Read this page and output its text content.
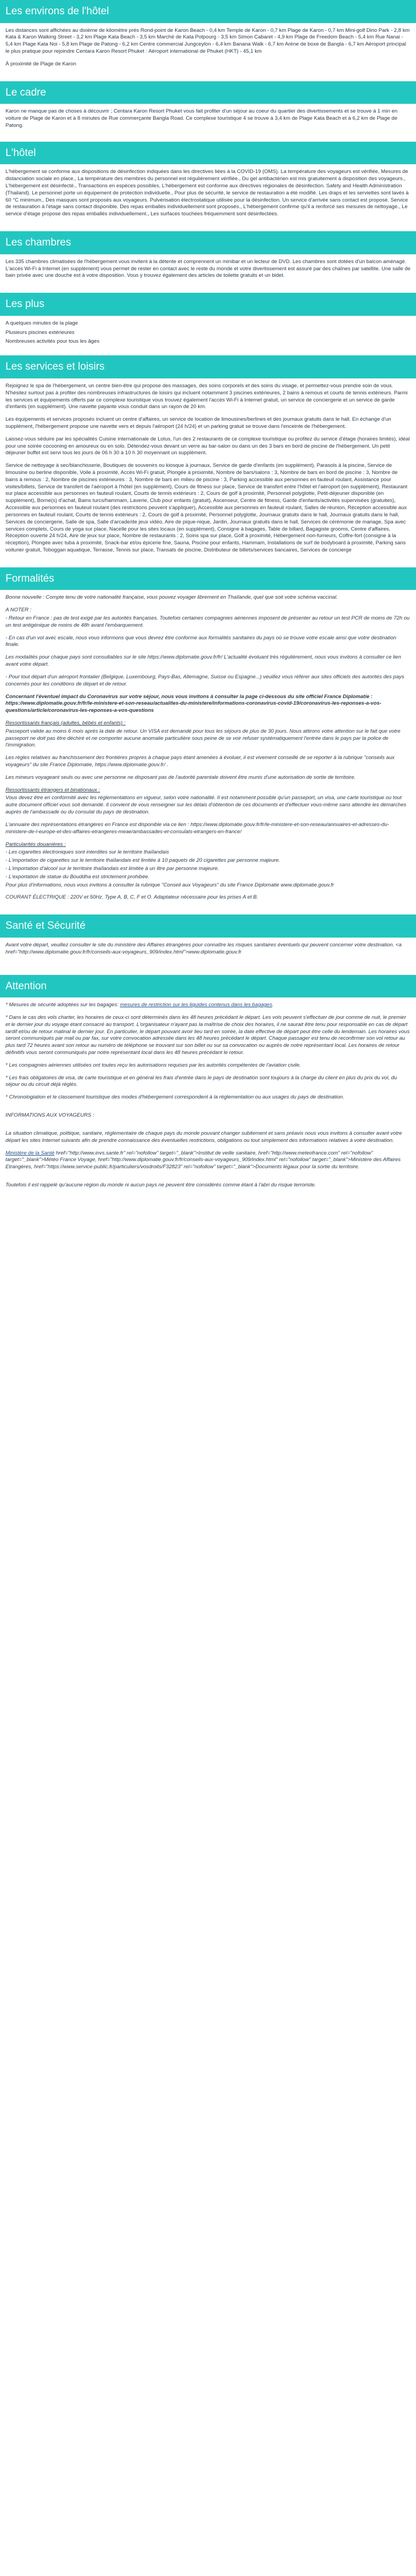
Les environs de l'hôtel

Les distances sont affichées au dixième de kilomètre près Rond-point de Karon Beach - 0,4 km Temple de Karon - 0,7 km Plage de Karon - 0,7 km Mini-golf Dino Park - 2,8 km Kata & Karon Walking Street - 3,2 km Plage Kata Beach - 3,5 km Marché de Kata Potpourg - 3,5 km Simon Cabaret - 4,9 km Plage de Freedom Beach - 5,4 km Rue Nanai - 5,4 km Plage Kata Noi - 5,8 km Plage de Patong - 6,2 km Centre commercial Jungceylon - 6,4 km Banana Walk - 6,7 km Arène de boxe de Bangla - 6,7 km Aéroport principal le plus pratique pour rejoindre Centara Karon Resort Phuket : Aéroport international de Phuket (HKT) - 45,1 km

À proximité de Plage de Karon

Le cadre

Karon ne manque pas de choses à découvrir ; Centara Karon Resort Phuket vous fait profiter d'un séjour au coeur du quartier des divertissements et se trouve à 1 min en voiture de Plage de Karon et à 8 minutes de Rue commerçante Bangla Road. Ce complexe touristique 4 se trouve à 3,4 km de Plage Kata Beach et à 6,2 km de Plage de Patong.

L'hôtel

L'hébergement se conforme aux dispositions de désinfection indiquées dans les directives liées à la COVID-19 (OMS). La température des voyageurs est vérifiée, Mesures de distanciation sociale en place., La température des membres du personnel est régulièrement vérifiée., Du gel antibactérien est mis gratuitement à disposition des voyageurs., L'hébergement est désinfecté., Transactions en espèces possibles, L'hébergement est conforme aux directives régionales de désinfection. Safety and Health Administration (Thailand). Le personnel porte un équipement de protection individuelle., Pour plus de sécurité, le service de restauration a été modifié. Les draps et les serviettes sont lavés à 60 °C minimum., Des masques sont proposés aux voyageurs. Pulvérisation électrostatique utilisée pour la désinfection. Un service d'arrivée sans contact est proposé. Service de restauration à l'étage sans contact disponible. Des repas emballés individuellement sont proposés., L'hébergement confirme qu'il a renforcé ses mesures de nettoyage., Le service d'étage propose des repas emballés individuellement., Les surfaces touchées fréquemment sont désinfectées.

Les chambres

Les 335 chambres climatisées de l'hébergement vous invitent à la détente et comprennent un minibar et un lecteur de DVD. Les chambres sont dotées d'un balcon aménagé. L'accès Wi-Fi à Internet (en supplément) vous permet de rester en contact avec le reste du monde et votre divertissement est assuré par des chaînes par satellite. Une salle de bain privée avec une douche est à votre disposition. Vous y trouvez également des articles de toilette gratuits et un bidet.

Les plus

A quelques minutes de la plage

Plusieurs piscines extérieures

Nombreuses activités pour tous les âges

Les services et loisirs

Rejoignez le spa de l'hébergement, un centre bien-être qui propose des massages, des soins corporels et des soins du visage, et permettez-vous prendre soin de vous. N'hésitez surtout pas à profiter des nombreuses infrastructures de loisirs qui incluent notamment 3 piscines extérieures, 2 bains à remous et courts de tennis extérieurs. Parmi les services et équipements offerts par ce complexe touristique vous trouvez également l'accès Wi-Fi à Internet gratuit, un service de conciergerie et un service de garde d'enfants (en supplément). Une navette payante vous conduit dans un rayon de 20 km.

Les équipements et services proposés incluent un centre d'affaires, un service de location de limousines/berlines et des journaux gratuits dans le hall. En échange d'un supplément, l'hébergement propose une navette vers et depuis l'aéroport (24 h/24) et un parking gratuit se trouve dans l'enceinte de l'hébergement.

Laissez-vous séduire par les spécialités Cuisine internationale de Lotus, l'un des 2 restaurants de ce complexe touristique ou profitez du service d'étage (horaires limités), idéal pour une soirée cocooning en amoureux ou en solo. Détendez-vous devant un verre au bar-salon ou dans un des 3 bars en bord de piscine de l'hébergement. Un petit déjeuner buffet est servi tous les jours de 06 h 30 à 10 h 30 moyennant un supplément.

Service de nettoyage à sec/blanchisserie, Boutiques de souvenirs ou kiosque à journaux, Service de garde d'enfants (en supplément), Parasols à la piscine, Service de limousine ou berline disponible, Voile à proximité, Accès Wi-Fi gratuit, Plongée à proximité, Nombre de bars/salons : 3, Nombre de bars en bord de piscine : 3, Nombre de bains à remous : 2, Nombre de piscines extérieures : 3, Nombre de bars en milieu de piscine : 3, Parking accessible aux personnes en fauteuil roulant, Assistance pour visites/billets, Service de transfert de l'aéroport à l'hôtel (en supplément), Cours de fitness sur place, Service de transfert entre l'hôtel et l'aéroport (en supplément), Restaurant sur place accessible aux personnes en fauteuil roulant, Courts de tennis extérieurs : 2, Cours de golf à proximité, Personnel polyglotte, Petit-déjeuner disponible (en supplément), Borne(s) d'achat, Bains turcs/hammam, Laverie, Club pour enfants (gratuit), Ascenseur, Centre de fitness, Garde d'enfants/activités supervisées (gratuites), Accessible aux personnes en fauteuil roulant (des restrictions peuvent s'appliquer), Accessible aux personnes en fauteuil roulant, Salles de réunion, Réception accessible aux personnes en fauteuil roulant, Courts de tennis extérieurs : 2, Cours de golf à proximité, Personnel polyglotte, Journaux gratuits dans le hall, Journaux gratuits dans le hall, Services de conciergerie, Salle de spa, Salle d'arcade/de jeux vidéo, Aire de pique-nique, Jardin, Journaux gratuits dans le hall, Services de cérémonie de mariage, Spa avec services complets, Cours de yoga sur place, Nacelle pour les sites locaux (en supplément), Consigne à bagages, Table de billard, Bagagiste grooms, Centre d'affaires, Réception ouverte 24 h/24, Aire de jeux sur place, Nombre de restaurants : 2, Soins spa sur place, Golf à proximité, Hébergement non-fumeurs, Coffre-fort (consigne à la réception), Plongée avec tuba à proximité, Snack-bar et/ou épicerie fine, Sauna, Piscine pour enfants, Hammam, Installations de surf de bodyboard à proximité, Parking sans voiturier gratuit, Toboggan aquatique, Terrasse, Tennis sur place, Transats de piscine, Distributeur de billets/services bancaires, Services de concierge

Formalités

Bonne nouvelle : Compte tenu de votre nationalité française, vous pouvez voyager librement en Thaïlande, quel que soit votre schéma vaccinal.

A NOTER :

- Retour en France : pas de test exigé par les autorités françaises. Toutefois certaines compagnies aériennes imposent de présenter au retour un test PCR de moins de 72h ou un test antigénique de moins de 48h avant l'embarquement.

- En cas d'un vol avec escale, nous vous informons que vous devrez être conforme aux formalités sanitaires du pays où se trouve votre escale ainsi que votre destination finale.

Les modalités pour chaque pays sont consultables sur le site https://www.diplomatie.gouv.fr/fr/ L'actualité évoluant très régulièrement, nous vous invitons à consulter ce lien avant votre départ.

- Pour tout départ d'un aéroport frontalier (Belgique, Luxembourg, Pays-Bas, Allemagne, Suisse ou Espagne...) veuillez vous référer aux sites officiels des autorités des pays concernés pour les conditions de départ et de retour.

Concernant l'éventuel impact du Coronavirus sur votre séjour, nous vous invitons à consulter la page ci-dessous du site officiel France Diplomatie : https://www.diplomatie.gouv.fr/fr/le-ministere-et-son-reseau/actualites-du-ministere/informations-coronavirus-covid-19/coronavirus-les-reponses-a-vos-questions/article/coronavirus-les-reponses-a-vos-questions

Ressortissants français (adultes, bébés et enfants) :

Passeport valide au moins 6 mois après la date de retour. Un VISA est demandé pour tous les séjours de plus de 30 jours. Nous attirons votre attention sur le fait que votre passeport ne doit pas être déchiré et ne comporter aucune anomalie particulière sous peine de se voir refuser systématiquement l'entrée dans le pays par la police de l'immigration.

Les règles relatives au franchissement des frontières propres à chaque pays étant amenées à évoluer, il est vivement conseillé de se reporter à la rubrique "conseils aux voyageurs" du site France Diplomatie, https://www.diplomatie.gouv.fr/ .

Les mineurs voyageant seuls ou avec une personne ne disposant pas de l'autorité parentale doivent être munis d'une autorisation de sortie de territoire.

Ressortissants étrangers et binationaux :

Vous devez être en conformité avec les réglementations en vigueur, selon votre nationalité. Il est notamment possible qu'un passeport, un visa, une carte touristique ou tout autre document officiel vous soit demandé. Il convient de vous renseigner sur les délais d'obtention de ces documents et d'effectuer vous-même sans attendre les démarches auprès de l'ambassade ou du consulat du pays de destination.

L'annuaire des représentations étrangères en France est disponible via ce lien : https://www.diplomatie.gouv.fr/fr/le-ministere-et-son-reseau/annuaires-et-adresses-du-ministere-de-l-europe-et-des-affaires-etrangeres-meae/ambassades-et-consulats-etrangers-en-france/

Particularités douanières :

- Les cigarettes électroniques sont interdites sur le territoire thaïlandais

- L'importation de cigarettes sur le territoire thaïlandais est limitée à 10 paquets de 20 cigarettes par personne majeure.

- L'importation d'alcool sur le territoire thaïlandais est limitée à un litre par personne majeure.

- L'exportation de statue du Bouddha est strictement prohibée.

Pour plus d'informations, nous vous invitons à consulter la rubrique "Conseil aux Voyageurs" du site France Diplomatie www.diplomatie.gouv.fr

COURANT ÉLECTRIQUE : 220V et 50Hz. Type A, B, C, F et O. Adaptateur nécessaire pour les prises A et B.

Santé et Sécurité

Avant votre départ, veuillez consulter le site du ministère des Affaires étrangères pour connaître les risques sanitaires éventuels qui peuvent concerner votre destination. <a href="http://www.diplomatie.gouv.fr/fr/conseils-aux-voyageurs_909/index.html">www.diplomatie.gouv.fr

Attention

* Mesures de sécurité adoptées sur les bagages: mesures de restriction sur les liquides contenus dans les bagages.

* Dans le cas des vols charter, les horaires de ceux-ci sont déterminés dans les 48 heures précédant le départ. Les vols peuvent s'effectuer de jour comme de nuit, le premier et le dernier jour du voyage étant consacré au transport. L'organisateur n'ayant pas la maîtrise de choix des horaires, il ne saurait être tenu pour responsable en cas de départ tardif et/ou de retour matinal le dernier jour. En particulier, le départ pouvant avoir lieu tard en soirée, la date effective de départ peut être celle du lendemain. Les horaires vous seront communiqués par mail ou par fax, sur votre convocation adressée dans les 48 heures précédant le départ. Chaque passager est tenu de reconfirmer son vol retour au plus tard 72 heures avant son retour au numéro de téléphone se trouvant sur son billet ou sur sa convocation ou auprès de notre représentant local. Les horaires de retour définitifs vous seront communiqués par notre représentant local dans les 48 heures précédant le retour.

* Les compagnies aériennes utilisées ont toutes reçu les autorisations requises par les autorités compétentes de l'aviation civile.

* Les frais obligatoires de visa, de carte touristique et en général les frais d'entrée dans le pays de destination sont toujours à la charge du client en plus du prix du vol, du séjour ou du circuit déjà réglés.

* Chronologiation et le classement touristique des modes d'hébergement correspondent à la réglementation ou aux usages du pays de destination.

INFORMATIONS AUX VOYAGEURS :

La situation climatique, politique, sanitaire, réglementaire de chaque pays du monde pouvant changer subitement et sans préavis nous vous invitons à consulter avant votre départ les sites Internet suivants afin de prendre connaissance des éventuelles restrictions, obligations ou tout simplement des informations relatives à votre destination.

Ministère de la Santé href="http://www.invs.sante.fr" rel="nofollow" target="_blank">Institut de veille sanitaire, href="http://www.meteofrance.com" rel="nofollow" target="_blank">Météo France Voyage, href="http://www.diplomatie.gouv.fr/fr/conseils-aux-voyageurs_909/index.html" rel="nofollow" target="_blank">Ministère des Affaires Etrangères, href="https://www.service-public.fr/particuliers/vosdroits/F32823" rel="nofollow" target="_blank">Documents légaux pour la sortie du territoire.

Toutefois il est rappelé qu'aucune région du monde ni aucun pays ne peuvent être considérés comme étant à l'abri du risque terroriste.
